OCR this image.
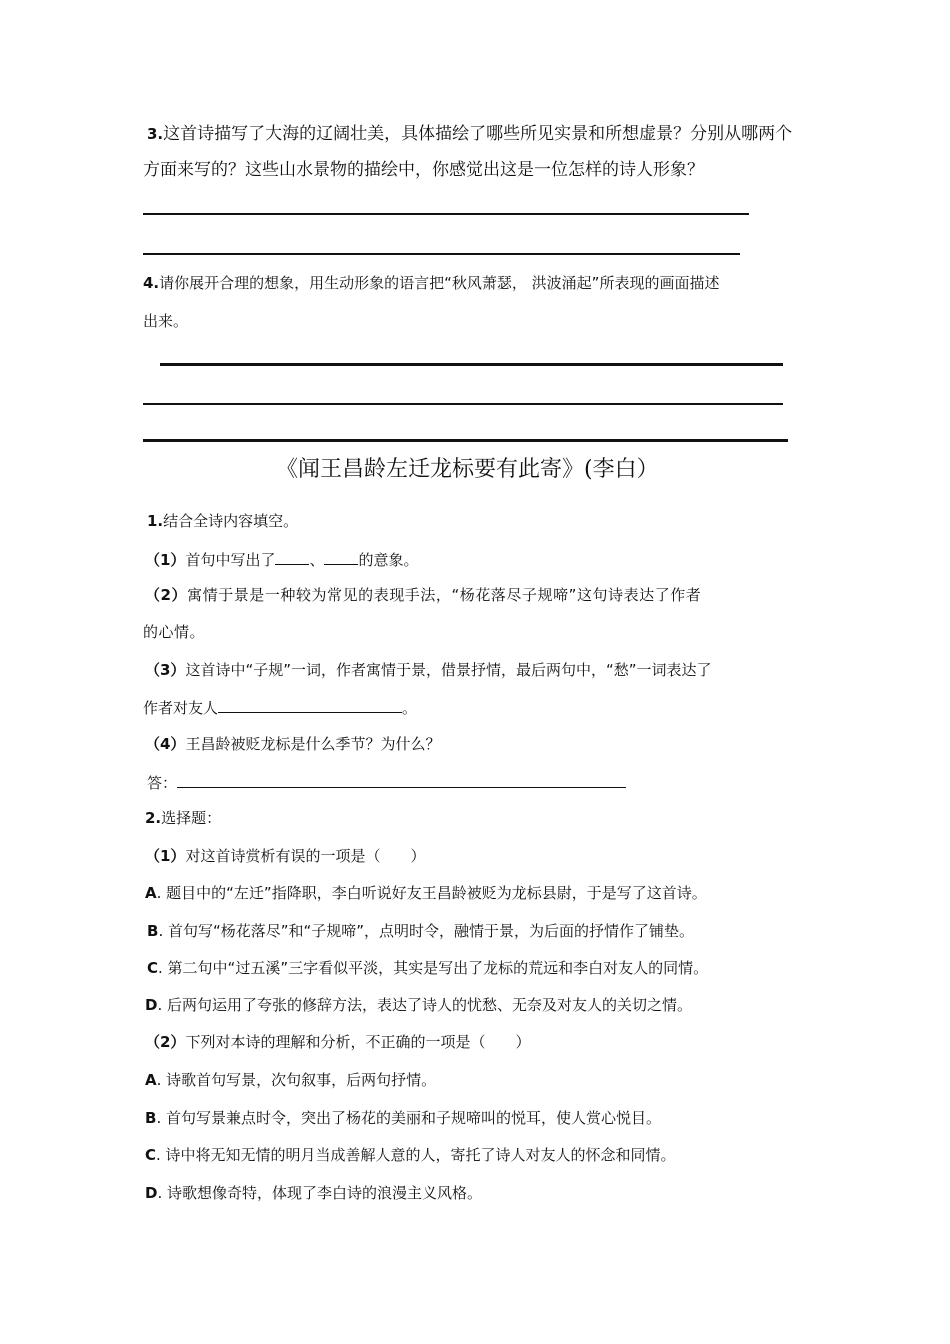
3.这首诗描写了大海的辽阔壮美，具体描绘了哪些所见实景和所想虚景？分别从哪两个
方面来写的？这些山水景物的描绘中，你感觉出这是一位怎样的诗人形象？
4.请你展开合理的想象，用生动形象的语言把“秋风萧瑟， 洪波涌起”所表现的画面描述
出来。
《闻王昌龄左迁龙标要有此寄》(李白）
1.结合全诗内容填空。
（1）首句中写出了 、 的意象。
（2）寓情于景是一种较为常见的表现手法，“杨花落尽子规啼”这句诗表达了作者
的心情。
（3）这首诗中“子规”一词，作者寓情于景，借景抒情，最后两句中，“愁”一词表达了
作者对友人	。
（4）王昌龄被贬龙标是什么季节？为什么？
答：
2.选择题：
（1）对这首诗赏析有误的一项是（　　）
A. 题目中的“左迁”指降职，李白听说好友王昌龄被贬为龙标县尉，于是写了这首诗。
B. 首句写“杨花落尽”和“子规啼”，点明时令，融情于景，为后面的抒情作了铺垫。
C. 第二句中“过五溪”三字看似平淡，其实是写出了龙标的荒远和李白对友人的同情。
D. 后两句运用了夸张的修辞方法，表达了诗人的忧愁、无奈及对友人的关切之情。
（2）下列对本诗的理解和分析，不正确的一项是（　　）
A. 诗歌首句写景，次句叙事，后两句抒情。
B. 首句写景兼点时令，突出了杨花的美丽和子规啼叫的悦耳，使人赏心悦目。
C. 诗中将无知无情的明月当成善解人意的人，寄托了诗人对友人的怀念和同情。
D. 诗歌想像奇特，体现了李白诗的浪漫主义风格。
